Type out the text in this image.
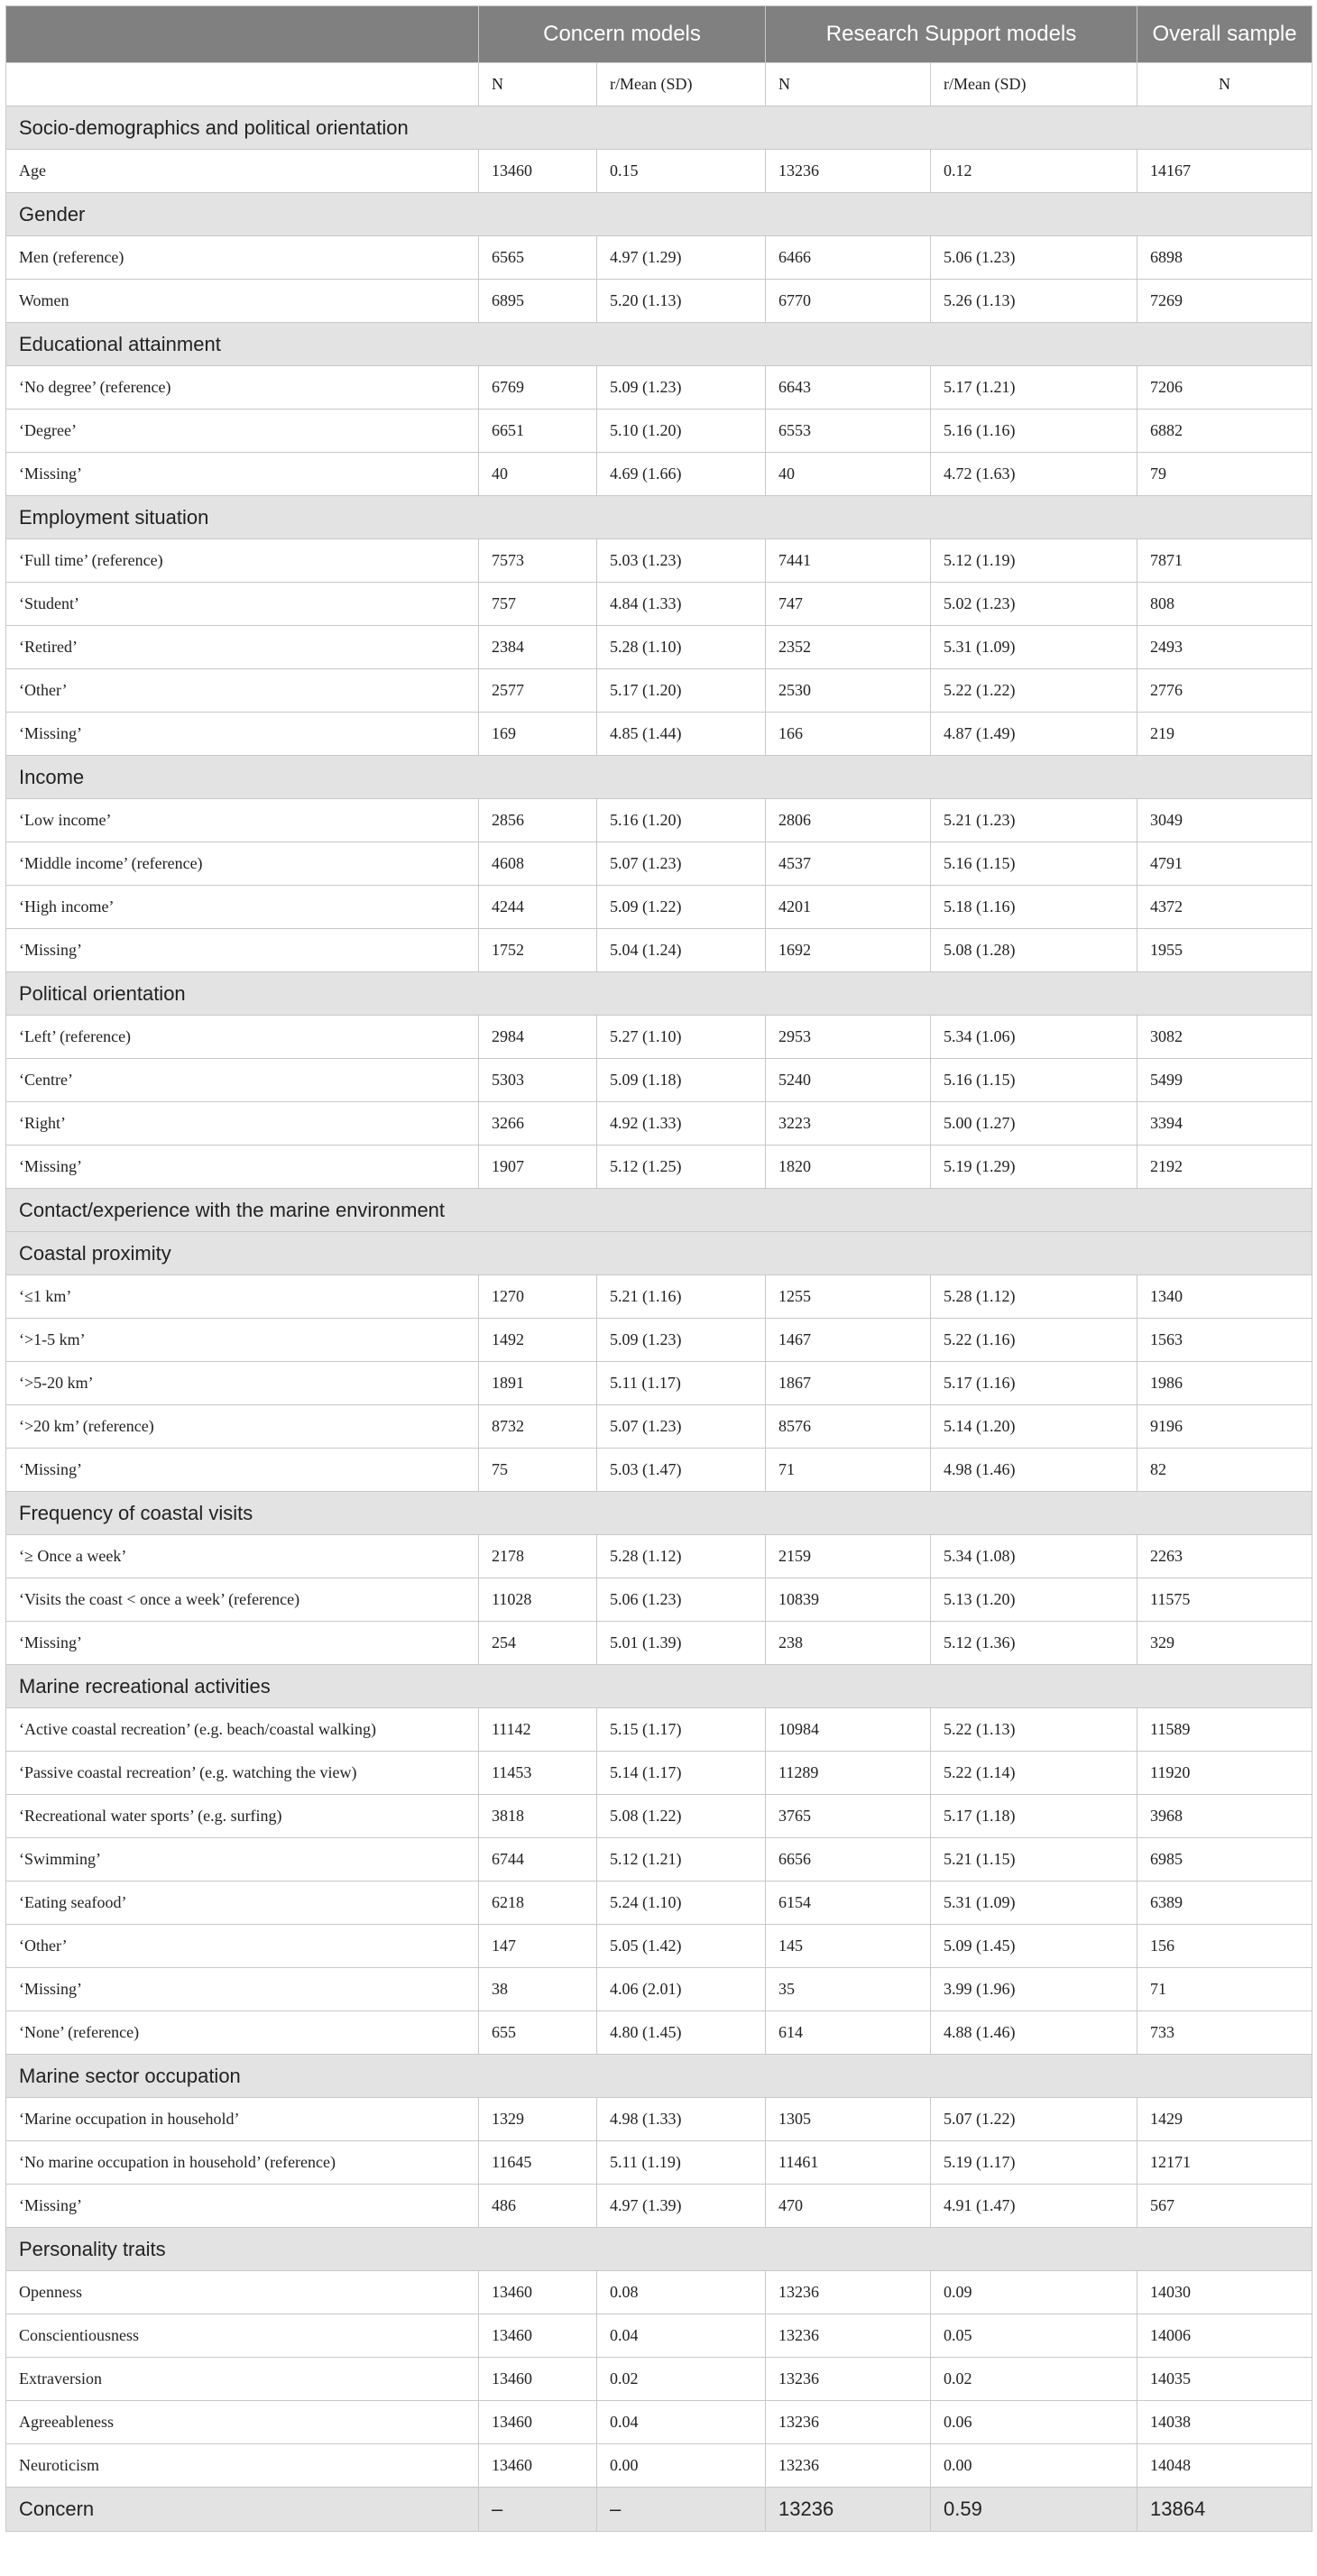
	Concern models		Research Support models		Overall sample
	N	r/Mean (SD)	N	r/Mean (SD)	N
Socio-demographics and political orientation					
Age	13460	0.15	13236	0.12	14167
Gender					
Men (reference)	6565	4.97 (1.29)	6466	5.06 (1.23)	6898
Women	6895	5.20 (1.13)	6770	5.26 (1.13)	7269
Educational attainment					
‘No degree’ (reference)	6769	5.09 (1.23)	6643	5.17 (1.21)	7206
‘Degree’	6651	5.10 (1.20)	6553	5.16 (1.16)	6882
‘Missing’	40	4.69 (1.66)	40	4.72 (1.63)	79
Employment situation					
‘Full time’ (reference)	7573	5.03 (1.23)	7441	5.12 (1.19)	7871
‘Student’	757	4.84 (1.33)	747	5.02 (1.23)	808
‘Retired’	2384	5.28 (1.10)	2352	5.31 (1.09)	2493
‘Other’	2577	5.17 (1.20)	2530	5.22 (1.22)	2776
‘Missing’	169	4.85 (1.44)	166	4.87 (1.49)	219
Income					
‘Low income’	2856	5.16 (1.20)	2806	5.21 (1.23)	3049
‘Middle income’ (reference)	4608	5.07 (1.23)	4537	5.16 (1.15)	4791
‘High income’	4244	5.09 (1.22)	4201	5.18 (1.16)	4372
‘Missing’	1752	5.04 (1.24)	1692	5.08 (1.28)	1955
Political orientation					
‘Left’ (reference)	2984	5.27 (1.10)	2953	5.34 (1.06)	3082
‘Centre’	5303	5.09 (1.18)	5240	5.16 (1.15)	5499
‘Right’	3266	4.92 (1.33)	3223	5.00 (1.27)	3394
‘Missing’	1907	5.12 (1.25)	1820	5.19 (1.29)	2192
Contact/experience with the marine environment					
Coastal proximity					
‘≤1 km’	1270	5.21 (1.16)	1255	5.28 (1.12)	1340
‘>1-5 km’	1492	5.09 (1.23)	1467	5.22 (1.16)	1563
‘>5-20 km’	1891	5.11 (1.17)	1867	5.17 (1.16)	1986
‘>20 km’ (reference)	8732	5.07 (1.23)	8576	5.14 (1.20)	9196
‘Missing’	75	5.03 (1.47)	71	4.98 (1.46)	82
Frequency of coastal visits					
‘≥ Once a week’	2178	5.28 (1.12)	2159	5.34 (1.08)	2263
‘Visits the coast < once a week’ (reference)	11028	5.06 (1.23)	10839	5.13 (1.20)	11575
‘Missing’	254	5.01 (1.39)	238	5.12 (1.36)	329
Marine recreational activities					
‘Active coastal recreation’ (e.g. beach/coastal walking)	11142	5.15 (1.17)	10984	5.22 (1.13)	11589
‘Passive coastal recreation’ (e.g. watching the view)	11453	5.14 (1.17)	11289	5.22 (1.14)	11920
‘Recreational water sports’ (e.g. surfing)	3818	5.08 (1.22)	3765	5.17 (1.18)	3968
‘Swimming’	6744	5.12 (1.21)	6656	5.21 (1.15)	6985
‘Eating seafood’	6218	5.24 (1.10)	6154	5.31 (1.09)	6389
‘Other’	147	5.05 (1.42)	145	5.09 (1.45)	156
‘Missing’	38	4.06 (2.01)	35	3.99 (1.96)	71
‘None’ (reference)	655	4.80 (1.45)	614	4.88 (1.46)	733
Marine sector occupation					
‘Marine occupation in household’	1329	4.98 (1.33)	1305	5.07 (1.22)	1429
‘No marine occupation in household’ (reference)	11645	5.11 (1.19)	11461	5.19 (1.17)	12171
‘Missing’	486	4.97 (1.39)	470	4.91 (1.47)	567
Personality traits					
Openness	13460	0.08	13236	0.09	14030
Conscientiousness	13460	0.04	13236	0.05	14006
Extraversion	13460	0.02	13236	0.02	14035
Agreeableness	13460	0.04	13236	0.06	14038
Neuroticism	13460	0.00	13236	0.00	14048
Concern	–	–	13236	0.59	13864
